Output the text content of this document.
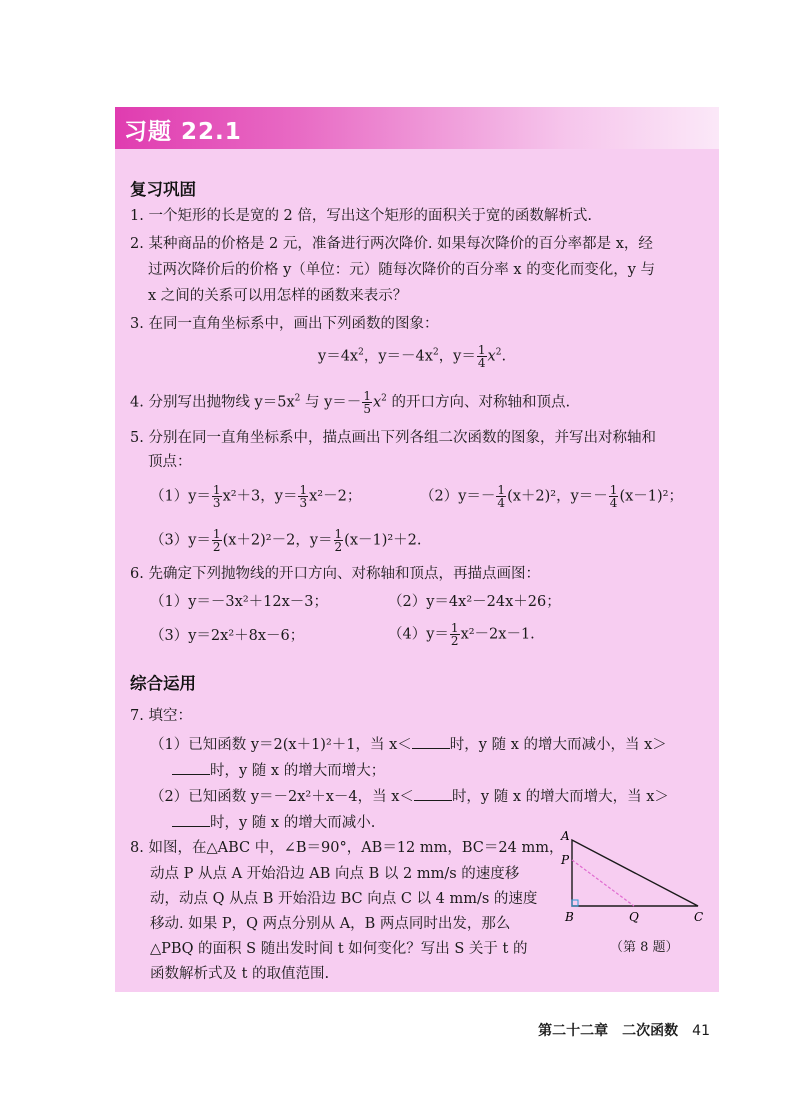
习题 22.1
复习巩固
1. 一个矩形的长是宽的 2 倍，写出这个矩形的面积关于宽的函数解析式.
2. 某种商品的价格是 2 元，准备进行两次降价. 如果每次降价的百分率都是 x，经
过两次降价后的价格 y（单位：元）随每次降价的百分率 x 的变化而变化，y 与
x 之间的关系可以用怎样的函数来表示？
3. 在同一直角坐标系中，画出下列函数的图象：
$y=4x^2$，$y=-4x^2$，$y= \frac{1}{4} x^2$.
4. 分别写出抛物线 $y=5x^2$ 与 $y=- \frac{1}{5} x^2$ 的开口方向、对称轴和顶点.
5. 分别在同一直角坐标系中，描点画出下列各组二次函数的图象，并写出对称轴和
顶点：
$(1)y= \frac{1}{3} x^2+3$，$y= \frac{1}{3} x^2-2$；	$(2)y=- \frac{1}{4} (x+2)^2$，$y=- \frac{1}{4} (x-1)^2$；
$(3)y= \frac{1}{2} (x+2)^2-2$，$y= \frac{1}{2} (x-1)^2+2$.
6. 先确定下列抛物线的开口方向、对称轴和顶点，再描点画图：
（1）y＝－3x²＋12x－3；	（2）y＝4x²－24x＋26；
（3）y＝2x²＋8x－6；	$(4)y= \frac{1}{2} x^2-2x-1$.
综合运用
7. 填空：
（1）已知函数 y＝2(x＋1)²＋1，当 x＜	时，y 随 x 的增大而减小，当 x＞
时，y 随 x 的增大而增大；
（2）已知函数 y＝－2x²＋x－4，当 x＜	时，y 随 x 的增大而增大，当 x＞
时，y 随 x 的增大而减小.
8. 如图，在△ABC 中，∠B＝90°，AB＝12 mm，BC＝24 mm，
动点 P 从点 A 开始沿边 AB 向点 B 以 2 mm/s 的速度移
动，动点 Q 从点 B 开始沿边 BC 向点 C 以 4 mm/s 的速度
移动. 如果 P，Q 两点分别从 A，B 两点同时出发，那么
△PBQ 的面积 S 随出发时间 t 如何变化？写出 S 关于 t 的
函数解析式及 t 的取值范围.
A
P
B	Q	C
（第 8 题）
第二十二章　二次函数 41
